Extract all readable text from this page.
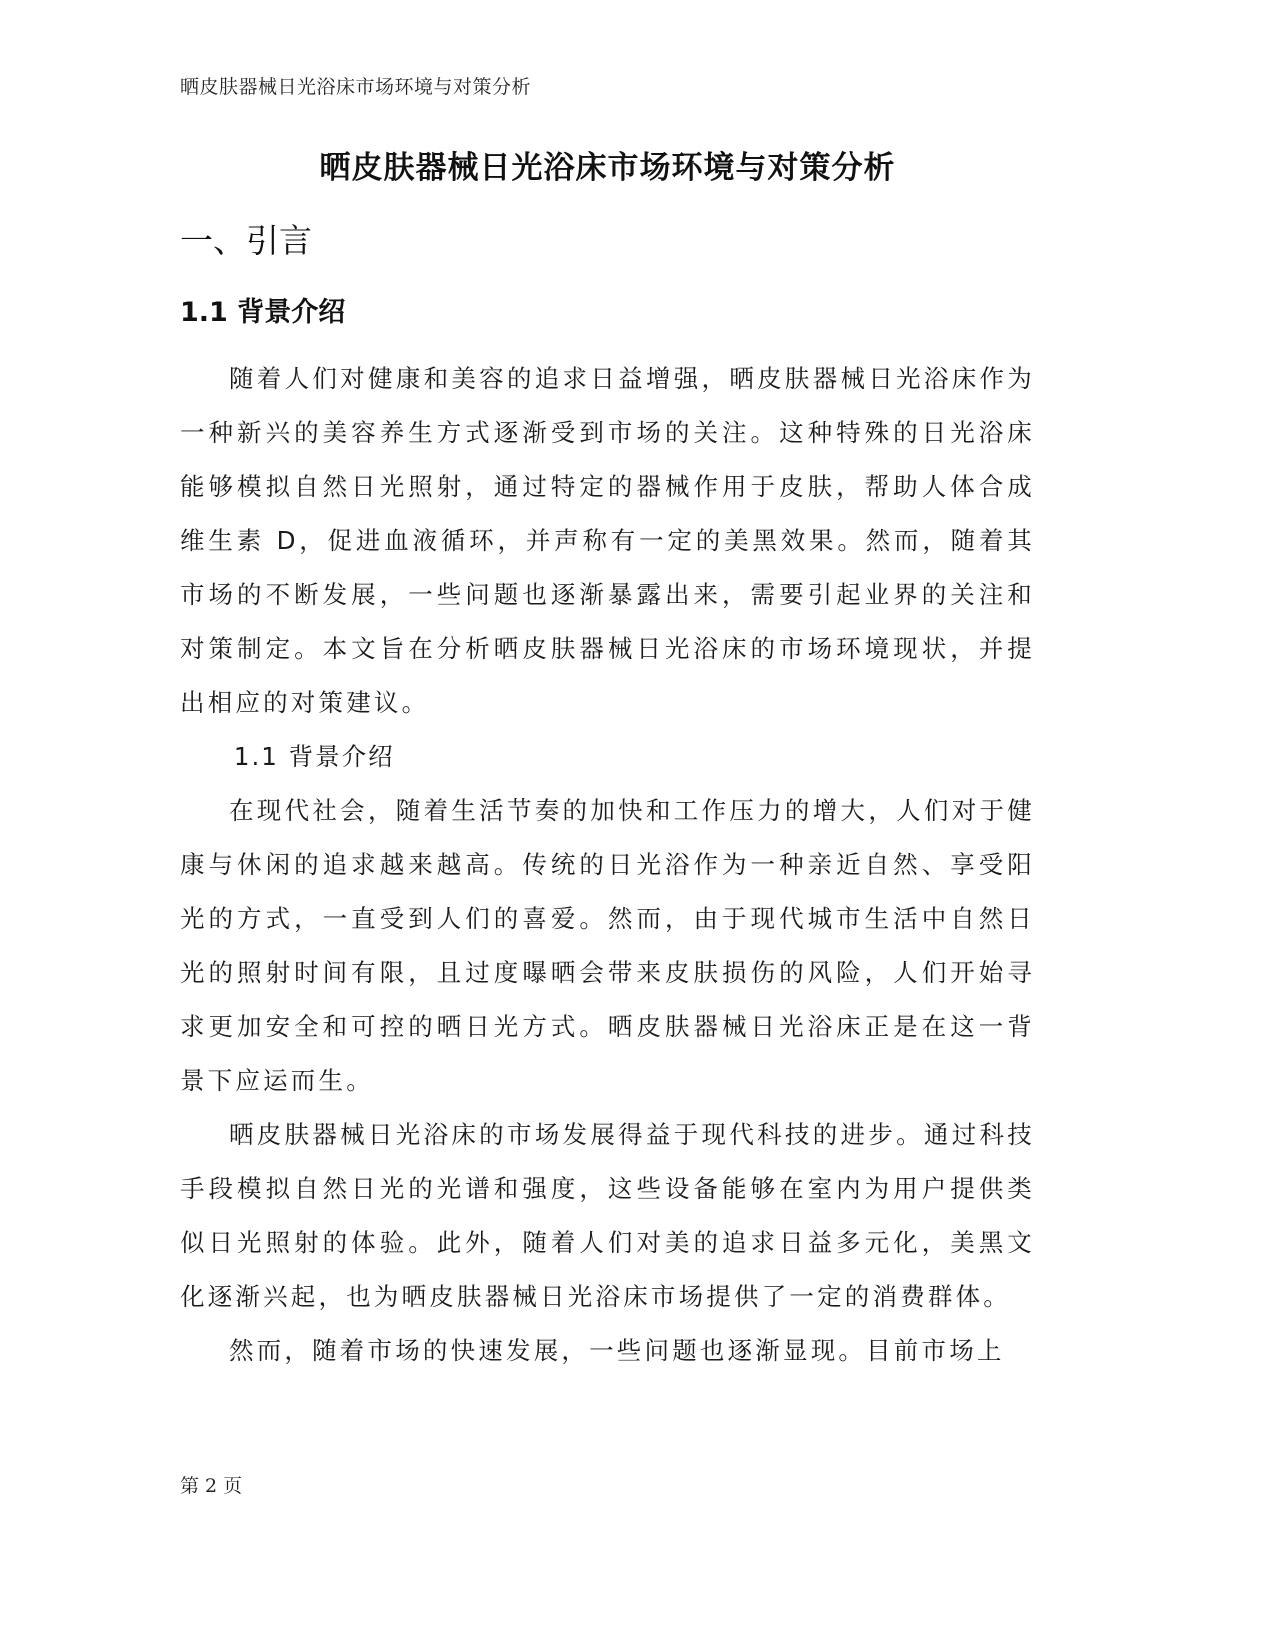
晒皮肤器械日光浴床市场环境与对策分析
晒皮肤器械日光浴床市场环境与对策分析
一、引言
1.1 背景介绍

随着人们对健康和美容的追求日益增强，晒皮肤器械日光浴床作为一种新兴的美容养生方式逐渐受到市场的关注。这种特殊的日光浴床能够模拟自然日光照射，通过特定的器械作用于皮肤，帮助人体合成维生素 D，促进血液循环，并声称有一定的美黑效果。然而，随着其市场的不断发展，一些问题也逐渐暴露出来，需要引起业界的关注和对策制定。本文旨在分析晒皮肤器械日光浴床的市场环境现状，并提出相应的对策建议。

1.1 背景介绍

在现代社会，随着生活节奏的加快和工作压力的增大，人们对于健康与休闲的追求越来越高。传统的日光浴作为一种亲近自然、享受阳光的方式，一直受到人们的喜爱。然而，由于现代城市生活中自然日光的照射时间有限，且过度曝晒会带来皮肤损伤的风险，人们开始寻求更加安全和可控的晒日光方式。晒皮肤器械日光浴床正是在这一背景下应运而生。

晒皮肤器械日光浴床的市场发展得益于现代科技的进步。通过科技手段模拟自然日光的光谱和强度，这些设备能够在室内为用户提供类似日光照射的体验。此外，随着人们对美的追求日益多元化，美黑文化逐渐兴起，也为晒皮肤器械日光浴床市场提供了一定的消费群体。

然而，随着市场的快速发展，一些问题也逐渐显现。目前市场上

第 2 页
